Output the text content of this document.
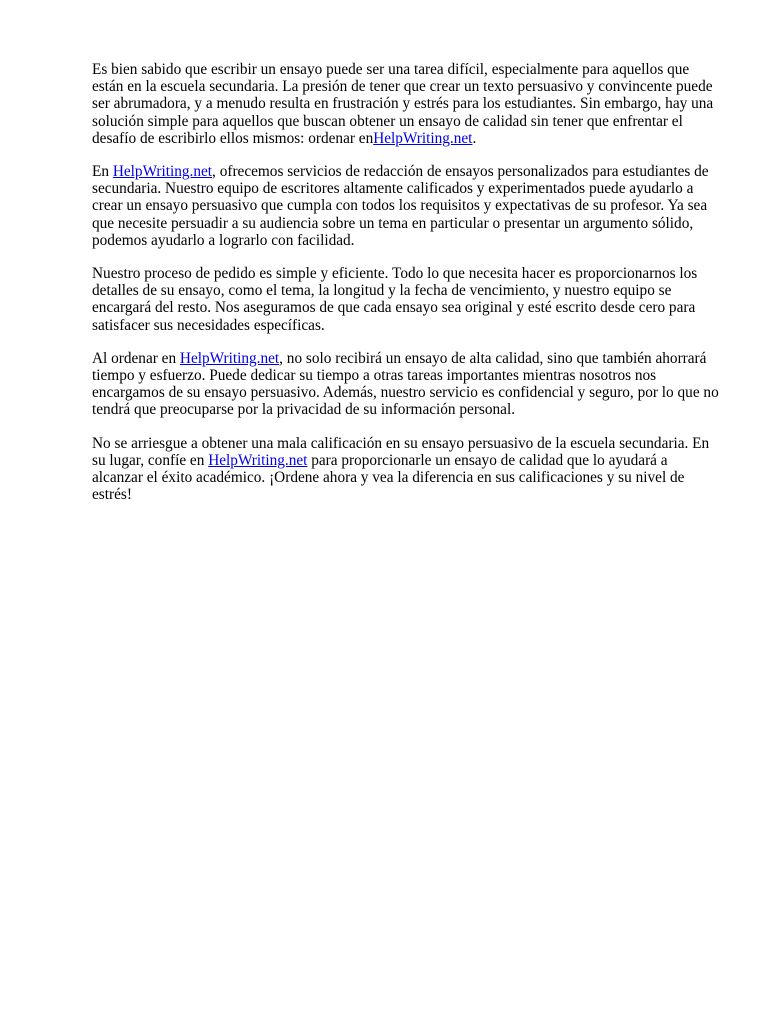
Es bien sabido que escribir un ensayo puede ser una tarea difícil, especialmente para aquellos que están en la escuela secundaria. La presión de tener que crear un texto persuasivo y convincente puede ser abrumadora, y a menudo resulta en frustración y estrés para los estudiantes. Sin embargo, hay una solución simple para aquellos que buscan obtener un ensayo de calidad sin tener que enfrentar el desafío de escribirlo ellos mismos: ordenar enHelpWriting.net.

En HelpWriting.net, ofrecemos servicios de redacción de ensayos personalizados para estudiantes de secundaria. Nuestro equipo de escritores altamente calificados y experimentados puede ayudarlo a crear un ensayo persuasivo que cumpla con todos los requisitos y expectativas de su profesor. Ya sea que necesite persuadir a su audiencia sobre un tema en particular o presentar un argumento sólido, podemos ayudarlo a lograrlo con facilidad.

Nuestro proceso de pedido es simple y eficiente. Todo lo que necesita hacer es proporcionarnos los detalles de su ensayo, como el tema, la longitud y la fecha de vencimiento, y nuestro equipo se encargará del resto. Nos aseguramos de que cada ensayo sea original y esté escrito desde cero para satisfacer sus necesidades específicas.

Al ordenar en HelpWriting.net, no solo recibirá un ensayo de alta calidad, sino que también ahorrará tiempo y esfuerzo. Puede dedicar su tiempo a otras tareas importantes mientras nosotros nos encargamos de su ensayo persuasivo. Además, nuestro servicio es confidencial y seguro, por lo que no tendrá que preocuparse por la privacidad de su información personal.

No se arriesgue a obtener una mala calificación en su ensayo persuasivo de la escuela secundaria. En su lugar, confíe en HelpWriting.net para proporcionarle un ensayo de calidad que lo ayudará a alcanzar el éxito académico. ¡Ordene ahora y vea la diferencia en sus calificaciones y su nivel de estrés!
